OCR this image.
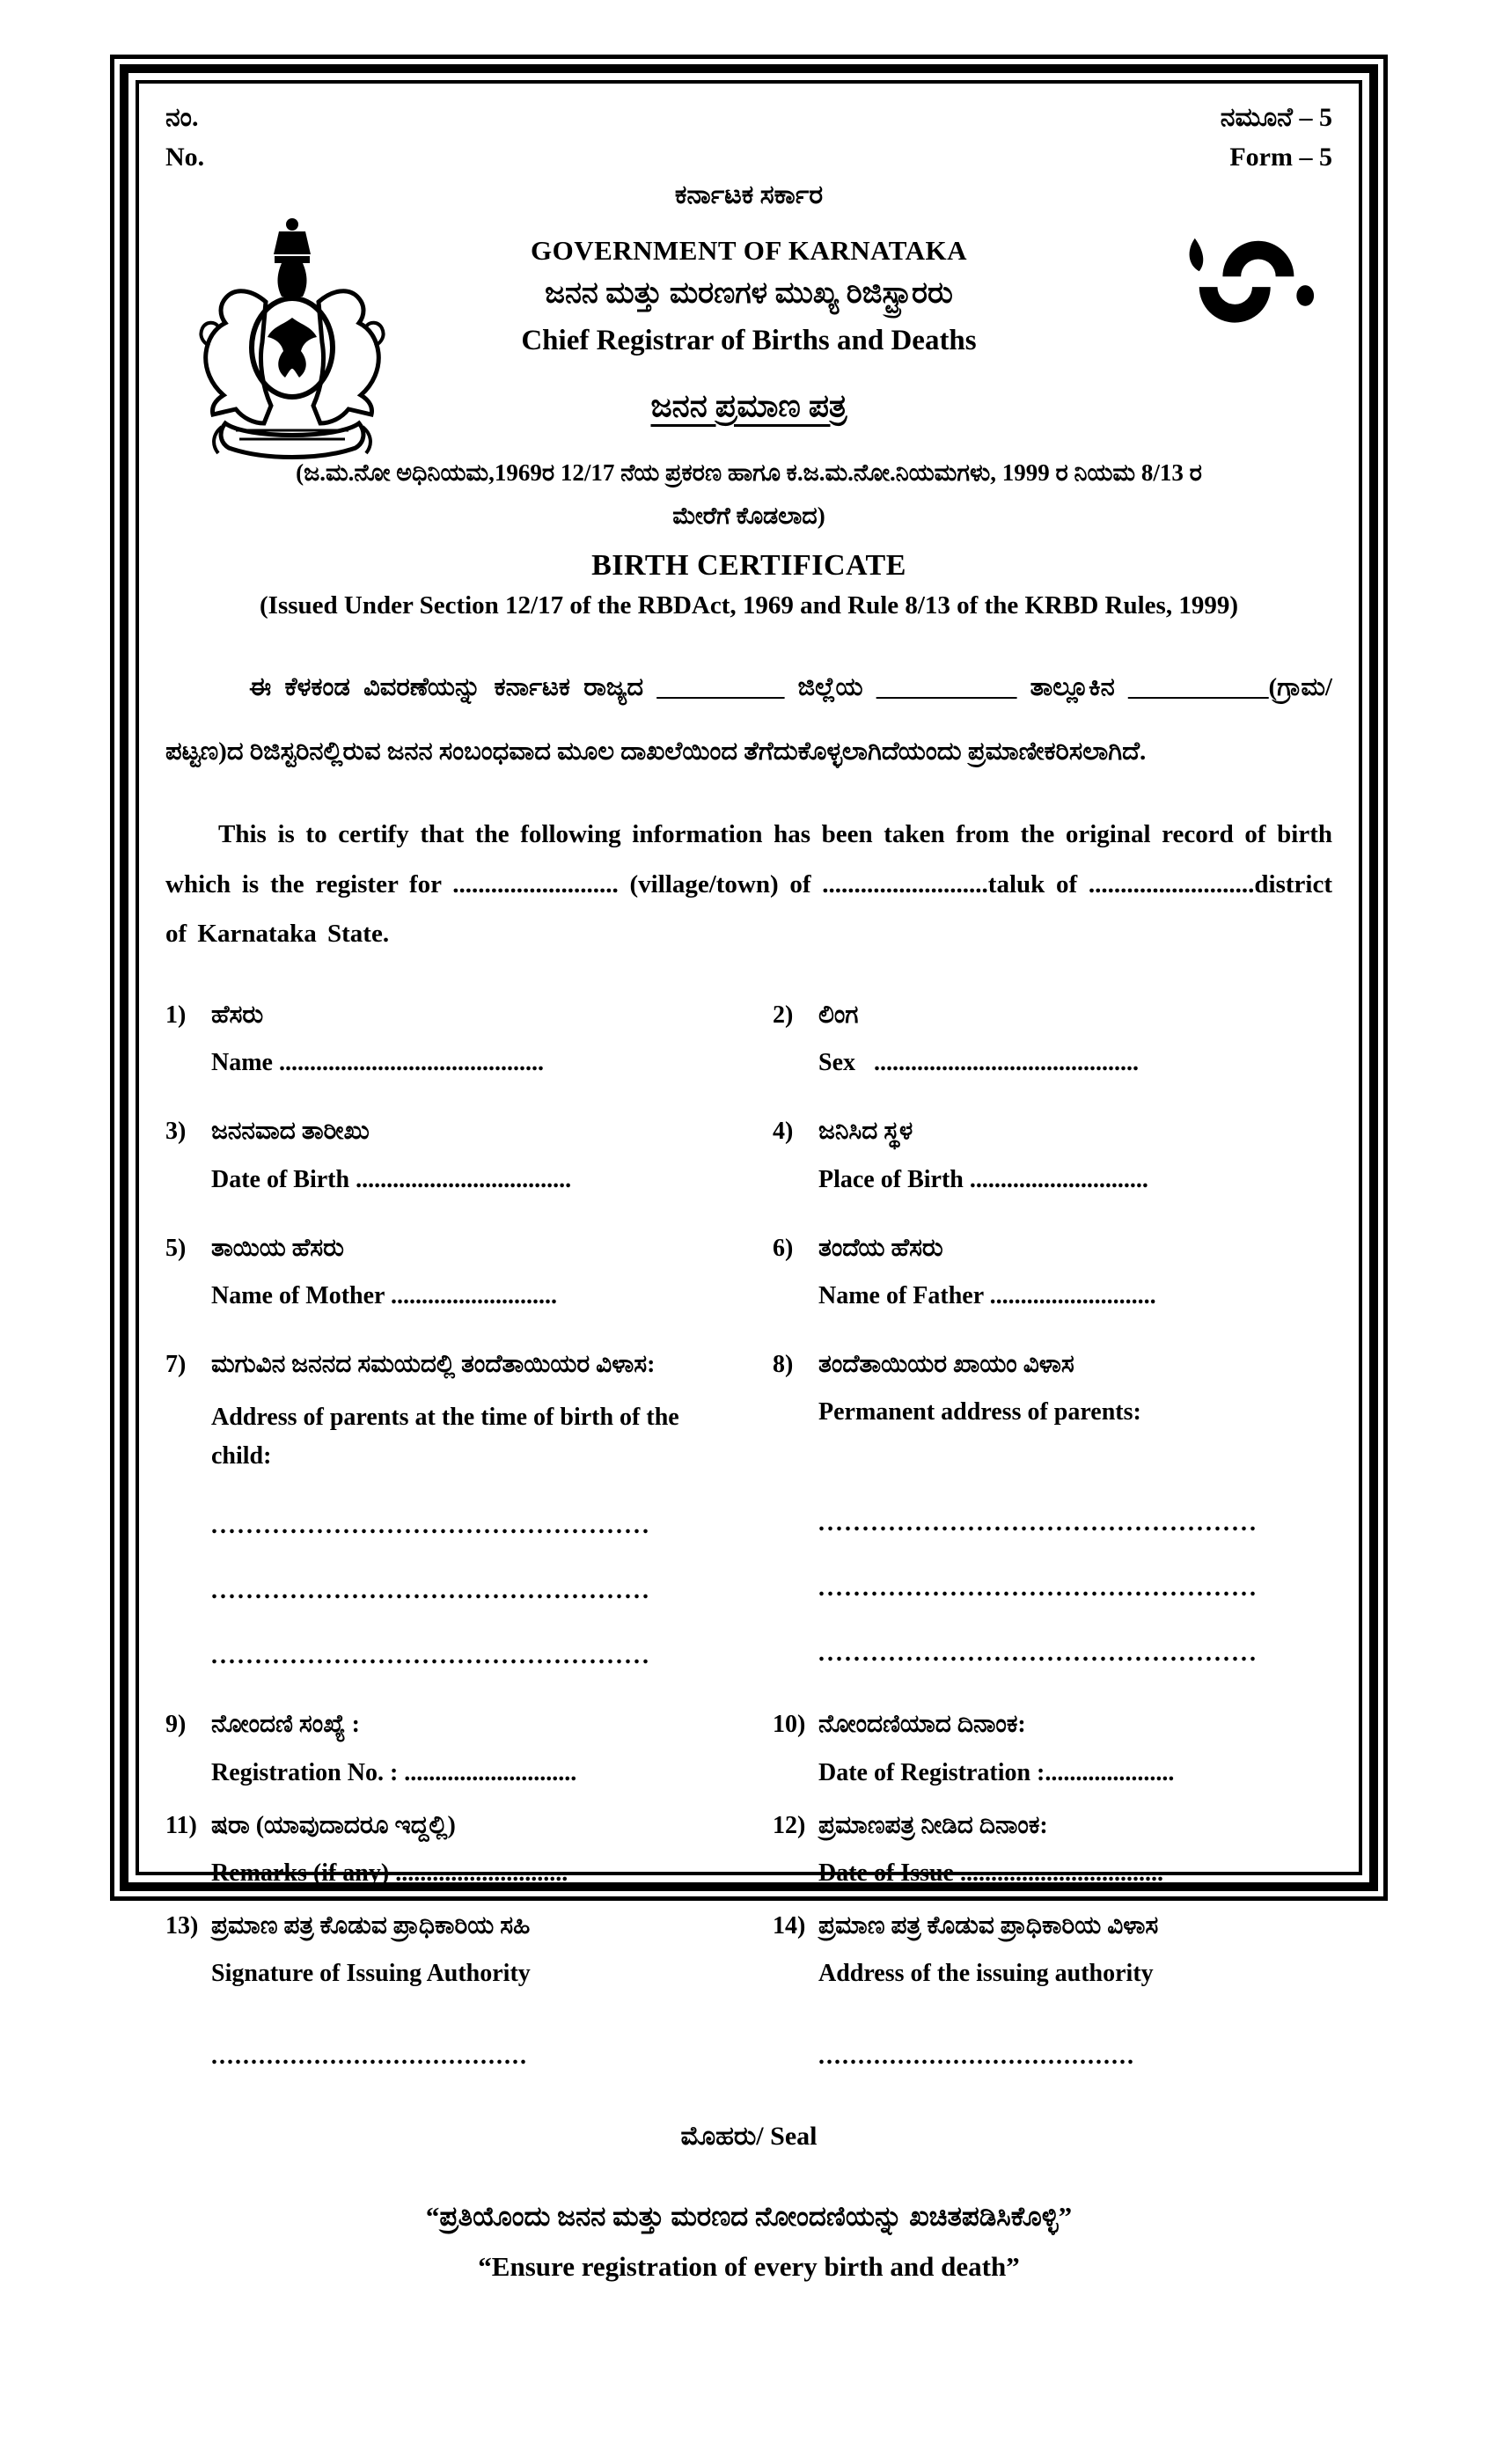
ನಂ.
No.
ನಮೂನೆ – 5
Form – 5
ಕರ್ನಾಟಕ ಸರ್ಕಾರ
GOVERNMENT OF KARNATAKA
ಜನನ ಮತ್ತು ಮರಣಗಳ ಮುಖ್ಯ ರಿಜಿಸ್ಟ್ರಾರರು
Chief Registrar of Births and Deaths
ಜನನ ಪ್ರಮಾಣ ಪತ್ರ
(ಜ.ಮ.ನೋ ಅಧಿನಿಯಮ,1969ರ 12/17 ನೆಯ ಪ್ರಕರಣ ಹಾಗೂ ಕ.ಜ.ಮ.ನೋ.ನಿಯಮಗಳು, 1999 ರ ನಿಯಮ 8/13 ರ ಮೇರೆಗೆ ಕೊಡಲಾದ)
BIRTH CERTIFICATE
(Issued Under Section 12/17 of the RBDAct, 1969 and Rule 8/13 of the KRBD Rules, 1999)

ಈ ಕೆಳಕಂಡ ವಿವರಣೆಯನ್ನು ಕರ್ನಾಟಕ ರಾಜ್ಯದ __________ ಜಿಲ್ಲೆಯ ___________ ತಾಲ್ಲೂಕಿನ ___________(ಗ್ರಾಮ/ಪಟ್ಟಣ)ದ ರಿಜಿಸ್ಟರಿನಲ್ಲಿರುವ ಜನನ ಸಂಬಂಧವಾದ ಮೂಲ ದಾಖಲೆಯಿಂದ ತೆಗೆದುಕೊಳ್ಳಲಾಗಿದೆಯಂದು ಪ್ರಮಾಣೀಕರಿಸಲಾಗಿದೆ.

This is to certify that the following information has been taken from the original record of birth which is the register for .......................... (village/town) of ..........................taluk of ..........................district of Karnataka State.

1) ಹೆಸರು
Name ...........................................
2) ಲಿಂಗ
Sex   ...........................................
3) ಜನನವಾದ ತಾರೀಖು
Date of Birth ...................................
4) ಜನಿಸಿದ ಸ್ಥಳ
Place of Birth .............................
5) ತಾಯಿಯ ಹೆಸರು
Name of Mother ...........................
6) ತಂದೆಯ ಹೆಸರು
Name of Father ...........................
7) ಮಗುವಿನ ಜನನದ ಸಮಯದಲ್ಲಿ ತಂದೆತಾಯಿಯರ ವಿಳಾಸ:
Address of parents at the time of birth of the child:
..................................................
..................................................
..................................................
8) ತಂದೆತಾಯಿಯರ ಖಾಯಂ ವಿಳಾಸ
Permanent address of parents:
..................................................
..................................................
..................................................
9) ನೋಂದಣಿ ಸಂಖ್ಯೆ :
Registration No. : ............................
10) ನೋಂದಣಿಯಾದ ದಿನಾಂಕ:
Date of Registration :.....................
11) ಷರಾ (ಯಾವುದಾದರೂ ಇದ್ದಲ್ಲಿ)
Remarks (if any) ............................
12) ಪ್ರಮಾಣಪತ್ರ ನೀಡಿದ ದಿನಾಂಕ:
Date of Issue .................................
13) ಪ್ರಮಾಣ ಪತ್ರ ಕೊಡುವ ಪ್ರಾಧಿಕಾರಿಯ ಸಹಿ
Signature of Issuing Authority
........................................
14) ಪ್ರಮಾಣ ಪತ್ರ ಕೊಡುವ ಪ್ರಾಧಿಕಾರಿಯ ವಿಳಾಸ
Address of the issuing authority
........................................
ಮೊಹರು/ Seal
“ಪ್ರತಿಯೊಂದು ಜನನ ಮತ್ತು ಮರಣದ ನೋಂದಣಿಯನ್ನು ಖಚಿತಪಡಿಸಿಕೊಳ್ಳಿ”
“Ensure registration of every birth and death”
